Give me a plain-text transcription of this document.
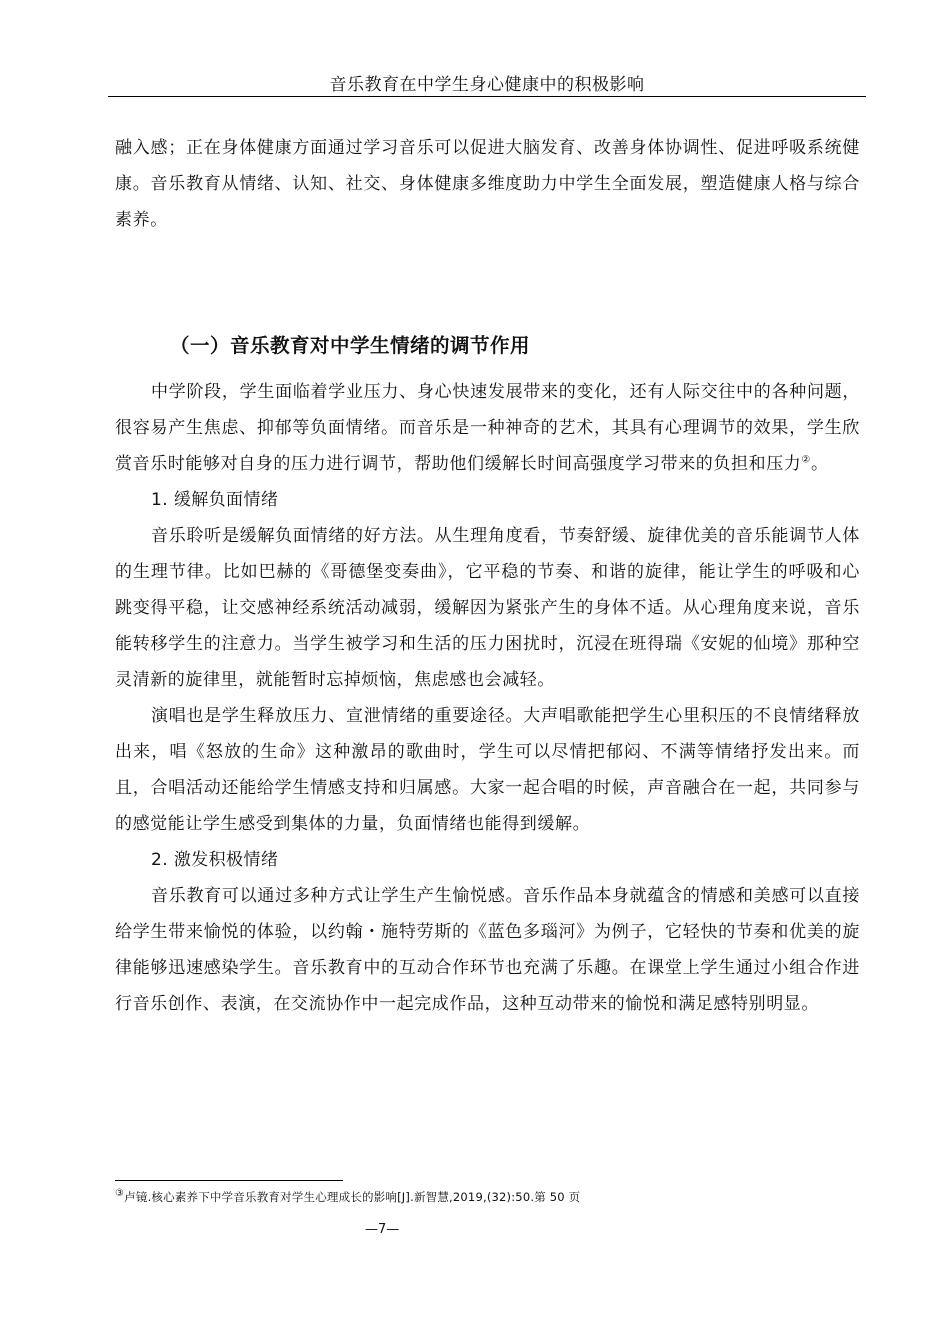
音乐教育在中学生身心健康中的积极影响

融入感；正在身体健康方面通过学习音乐可以促进大脑发育、改善身体协调性、促进呼吸系统健康。音乐教育从情绪、认知、社交、身体健康多维度助力中学生全面发展，塑造健康人格与综合素养。

（一）音乐教育对中学生情绪的调节作用

中学阶段，学生面临着学业压力、身心快速发展带来的变化，还有人际交往中的各种问题，很容易产生焦虑、抑郁等负面情绪。而音乐是一种神奇的艺术，其具有心理调节的效果，学生欣赏音乐时能够对自身的压力进行调节，帮助他们缓解长时间高强度学习带来的负担和压力②。

1. 缓解负面情绪

音乐聆听是缓解负面情绪的好方法。从生理角度看，节奏舒缓、旋律优美的音乐能调节人体的生理节律。比如巴赫的《哥德堡变奏曲》，它平稳的节奏、和谐的旋律，能让学生的呼吸和心跳变得平稳，让交感神经系统活动减弱，缓解因为紧张产生的身体不适。从心理角度来说，音乐能转移学生的注意力。当学生被学习和生活的压力困扰时，沉浸在班得瑞《安妮的仙境》那种空灵清新的旋律里，就能暂时忘掉烦恼，焦虑感也会减轻。

演唱也是学生释放压力、宣泄情绪的重要途径。大声唱歌能把学生心里积压的不良情绪释放出来，唱《怒放的生命》这种激昂的歌曲时，学生可以尽情把郁闷、不满等情绪抒发出来。而且，合唱活动还能给学生情感支持和归属感。大家一起合唱的时候，声音融合在一起，共同参与的感觉能让学生感受到集体的力量，负面情绪也能得到缓解。

2. 激发积极情绪

音乐教育可以通过多种方式让学生产生愉悦感。音乐作品本身就蕴含的情感和美感可以直接给学生带来愉悦的体验，以约翰・施特劳斯的《蓝色多瑙河》为例子，它轻快的节奏和优美的旋律能够迅速感染学生。音乐教育中的互动合作环节也充满了乐趣。在课堂上学生通过小组合作进行音乐创作、表演，在交流协作中一起完成作品，这种互动带来的愉悦和满足感特别明显。

③卢镜.核心素养下中学音乐教育对学生心理成长的影响[J].新智慧,2019,(32):50.第 50 页
—7—
